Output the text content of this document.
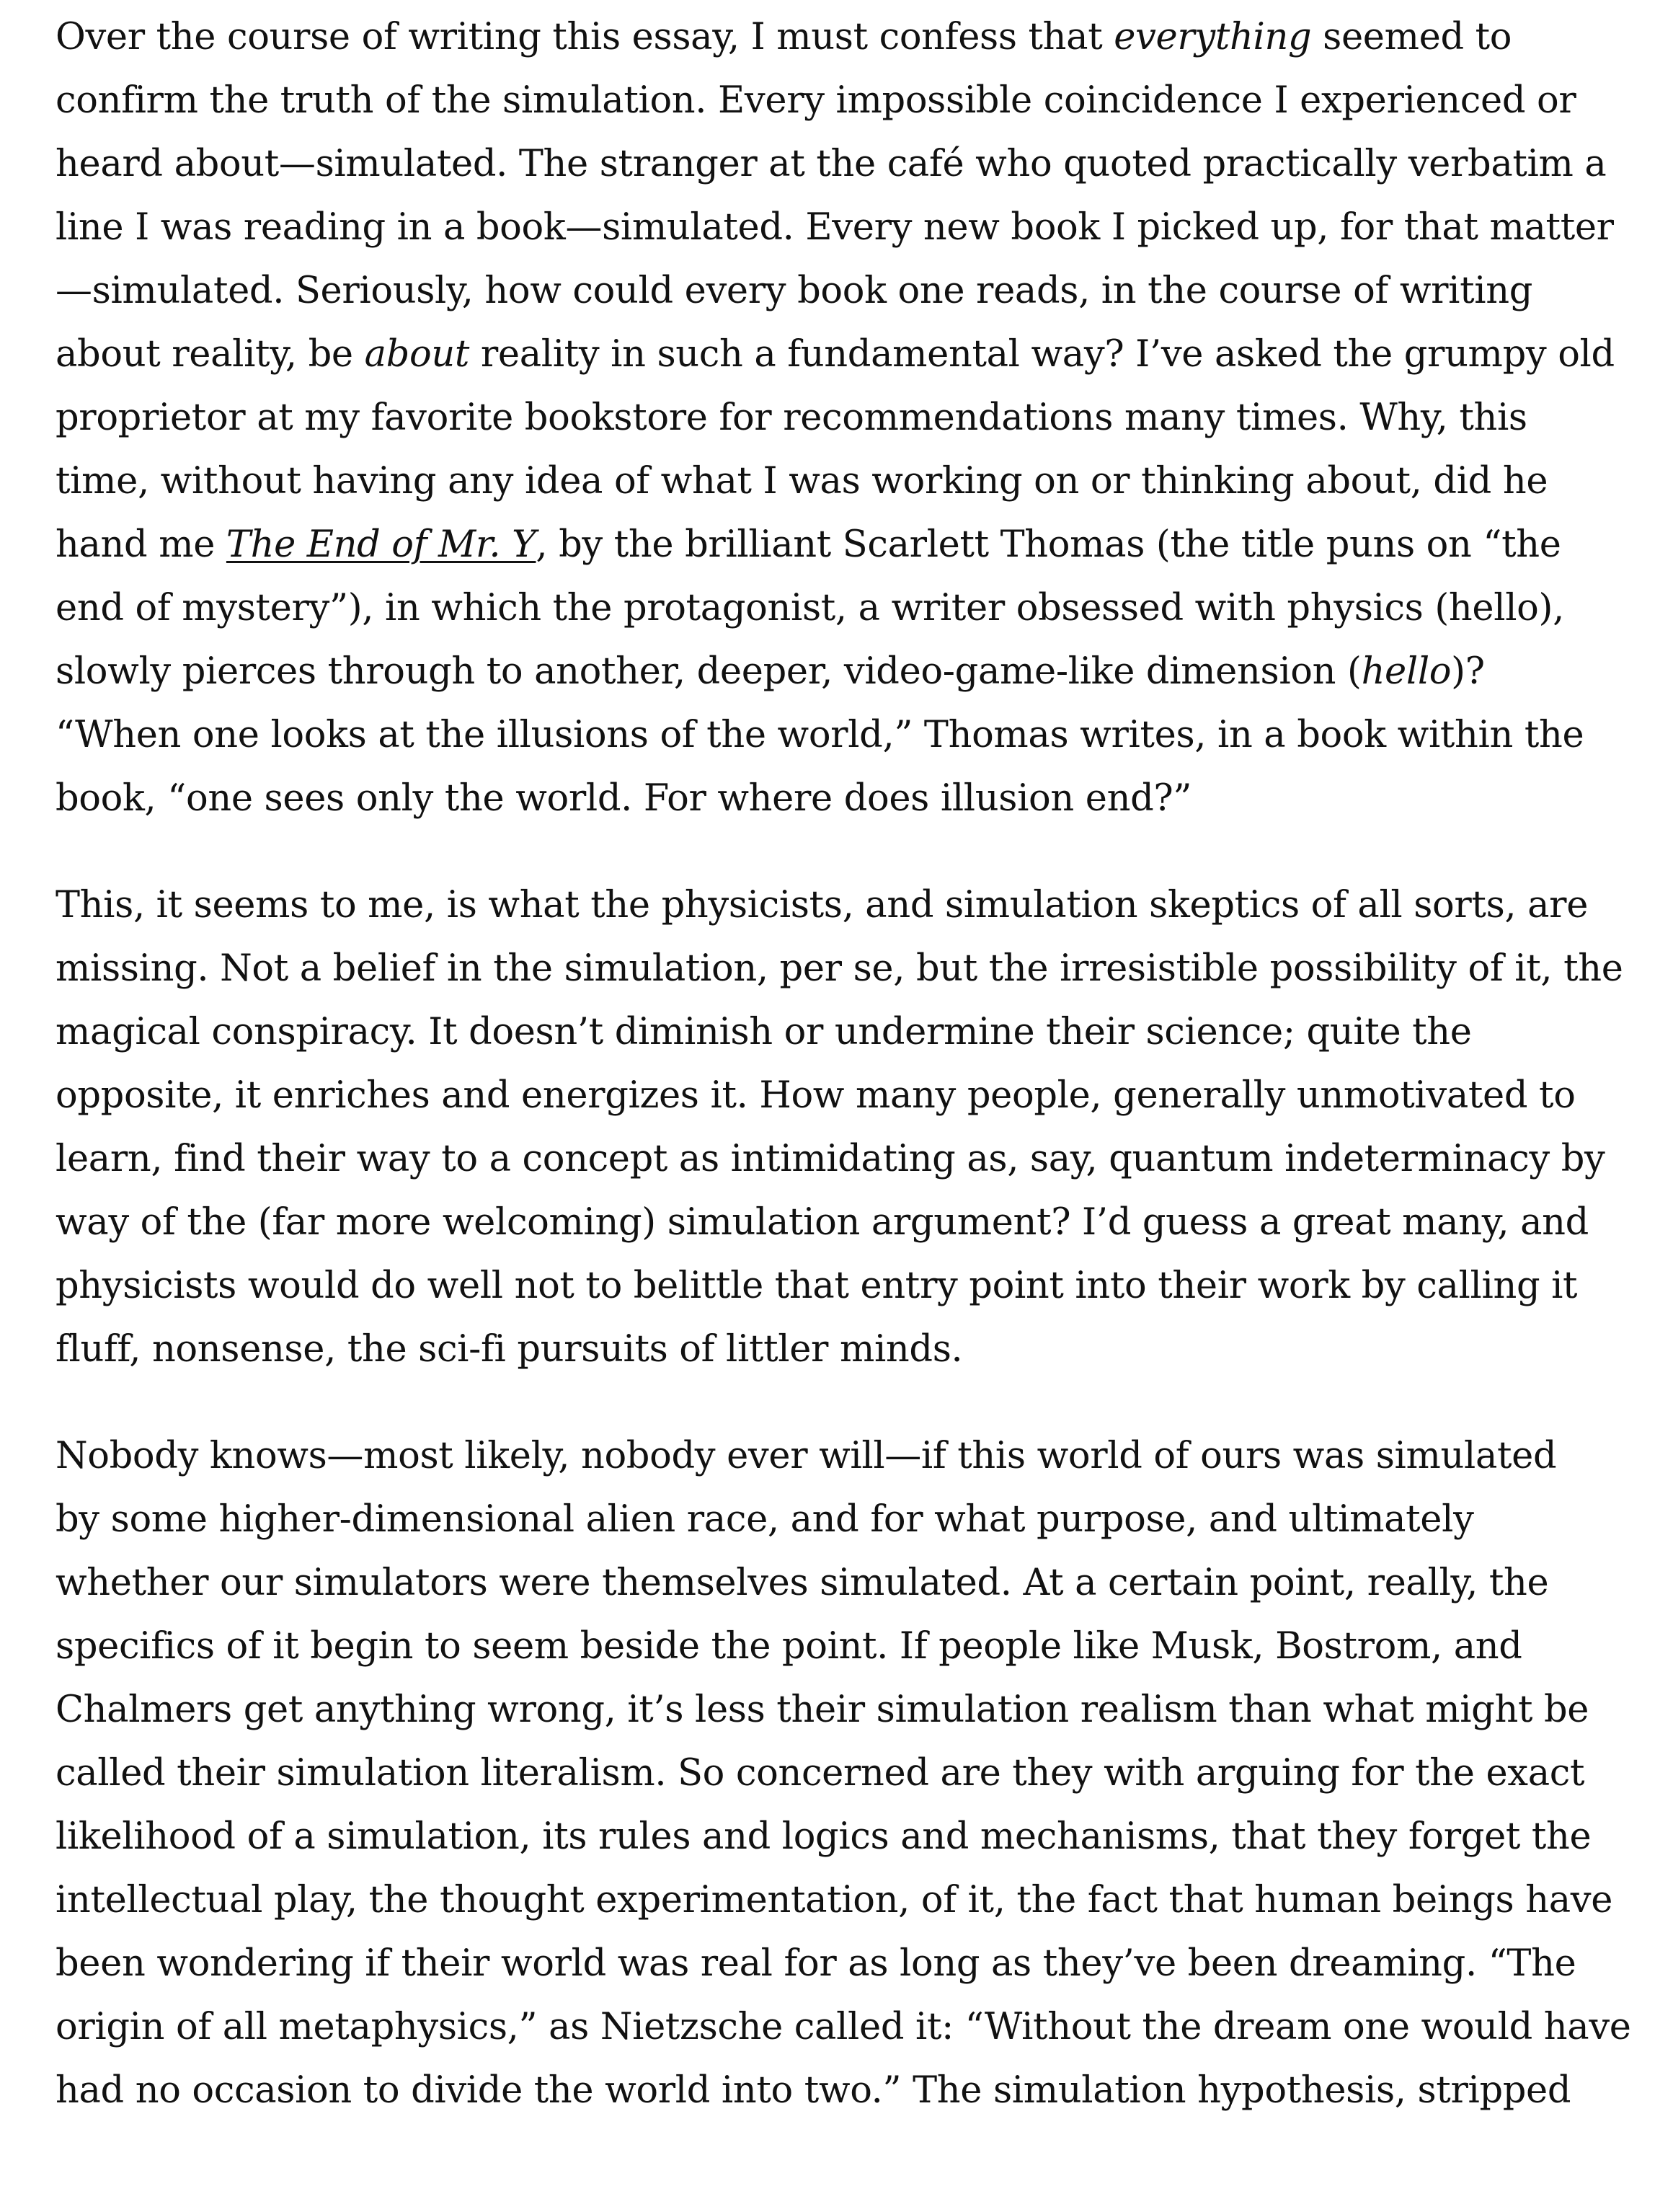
Over the course of writing this essay, I must confess that everything seemed to
confirm the truth of the simulation. Every impossible coincidence I experienced or
heard about—simulated. The stranger at the café who quoted practically verbatim a
line I was reading in a book—simulated. Every new book I picked up, for that matter
—simulated. Seriously, how could every book one reads, in the course of writing
about reality, be about reality in such a fundamental way? I’ve asked the grumpy old
proprietor at my favorite bookstore for recommendations many times. Why, this
time, without having any idea of what I was working on or thinking about, did he
hand me The End of Mr. Y, by the brilliant Scarlett Thomas (the title puns on “the
end of mystery”), in which the protagonist, a writer obsessed with physics (hello),
slowly pierces through to another, deeper, video-game-like dimension (hello)?
“When one looks at the illusions of the world,” Thomas writes, in a book within the
book, “one sees only the world. For where does illusion end?”

This, it seems to me, is what the physicists, and simulation skeptics of all sorts, are
missing. Not a belief in the simulation, per se, but the irresistible possibility of it, the
magical conspiracy. It doesn’t diminish or undermine their science; quite the
opposite, it enriches and energizes it. How many people, generally unmotivated to
learn, find their way to a concept as intimidating as, say, quantum indeterminacy by
way of the (far more welcoming) simulation argument? I’d guess a great many, and
physicists would do well not to belittle that entry point into their work by calling it
fluff, nonsense, the sci-fi pursuits of littler minds.

Nobody knows—most likely, nobody ever will—if this world of ours was simulated
by some higher-dimensional alien race, and for what purpose, and ultimately
whether our simulators were themselves simulated. At a certain point, really, the
specifics of it begin to seem beside the point. If people like Musk, Bostrom, and
Chalmers get anything wrong, it’s less their simulation realism than what might be
called their simulation literalism. So concerned are they with arguing for the exact
likelihood of a simulation, its rules and logics and mechanisms, that they forget the
intellectual play, the thought experimentation, of it, the fact that human beings have
been wondering if their world was real for as long as they’ve been dreaming. “The
origin of all metaphysics,” as Nietzsche called it: “Without the dream one would have
had no occasion to divide the world into two.” The simulation hypothesis, stripped
